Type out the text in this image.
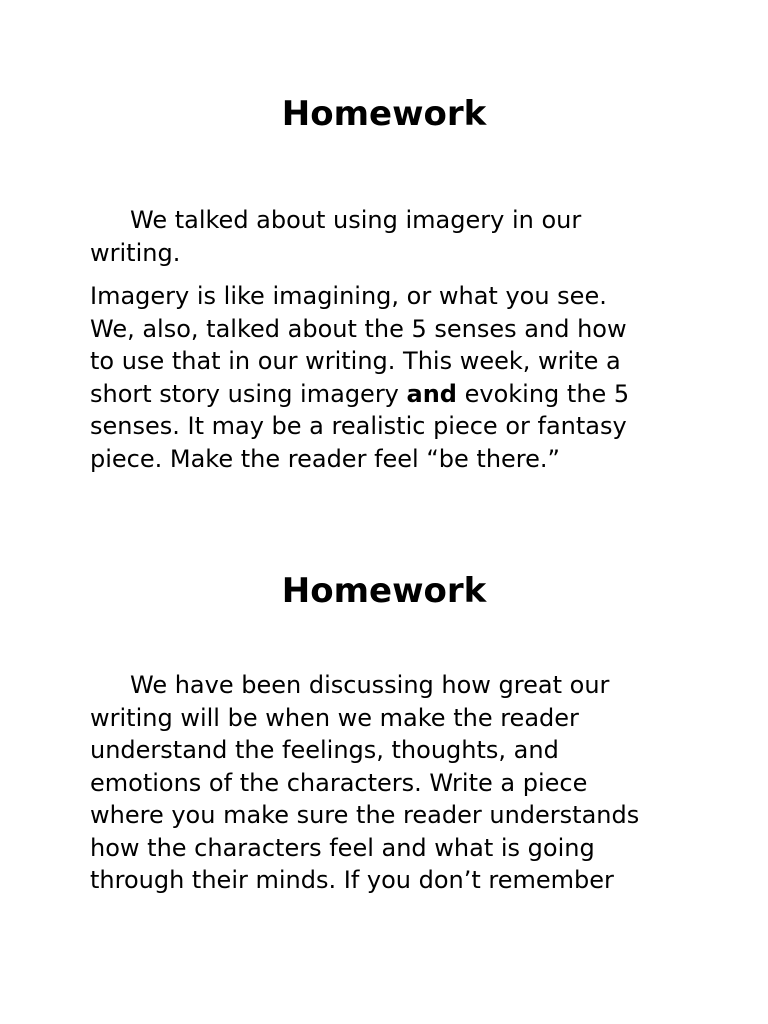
Homework

We talked about using imagery in our
writing.

Imagery is like imagining, or what you see.
We, also, talked about the 5 senses and how
to use that in our writing. This week, write a
short story using imagery and evoking the 5
senses. It may be a realistic piece or fantasy
piece. Make the reader feel “be there.”

Homework

We have been discussing how great our
writing will be when we make the reader
understand the feelings, thoughts, and
emotions of the characters. Write a piece
where you make sure the reader understands
how the characters feel and what is going
through their minds. If you don’t remember
